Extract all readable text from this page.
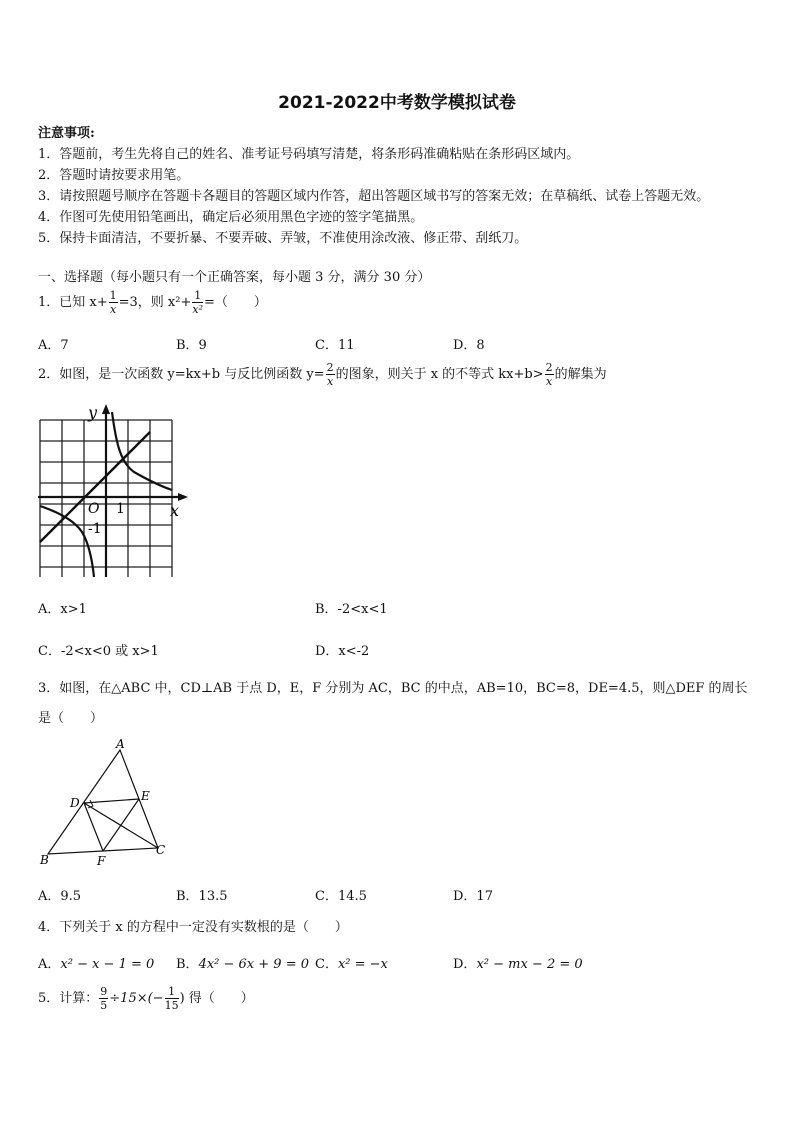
2021-2022中考数学模拟试卷
注意事项:
1．答题前，考生先将自己的姓名、准考证号码填写清楚，将条形码准确粘贴在条形码区域内。
2．答题时请按要求用笔。
3．请按照题号顺序在答题卡各题目的答题区域内作答，超出答题区域书写的答案无效；在草稿纸、试卷上答题无效。
4．作图可先使用铅笔画出，确定后必须用黑色字迹的签字笔描黑。
5．保持卡面清洁，不要折暴、不要弄破、弄皱，不准使用涂改液、修正带、刮纸刀。
一、选择题（每小题只有一个正确答案，每小题 3 分，满分 30 分）
1．已知 $x+ \frac{1}{x} =3$，则 $x^2+ \frac{1}{\text{x²}}$ =（　　）
A．7	B．9	C．11	D．8
2．如图，是一次函数 y=kx+b 与反比例函数 $y= \frac{2}{x}$ 的图象，则关于 x 的不等式 $kx+b> \frac{2}{x}$ 的解集为
y
x
O 1
-1
A．x>1	B．-2<x<1
C．-2<x<0 或 x>1	D．x<-2
3．如图，在△ABC 中，CD⊥AB 于点 D，E，F 分别为 AC，BC 的中点，AB=10，BC=8，DE=4.5，则△DEF 的周长
是（　　）
A
B
C
D	E
F
A．9.5	B．13.5	C．14.5	D．17
4．下列关于 x 的方程中一定没有实数根的是（　　）
A．x² − x − 1 = 0 B．4x² − 6x + 9 = 0 C．x² = −x	D．x² − mx − 2 = 0
5．计算： $\frac{9}{5} \div 15\times(- \frac{1}{15}$ ) 得（　　）
